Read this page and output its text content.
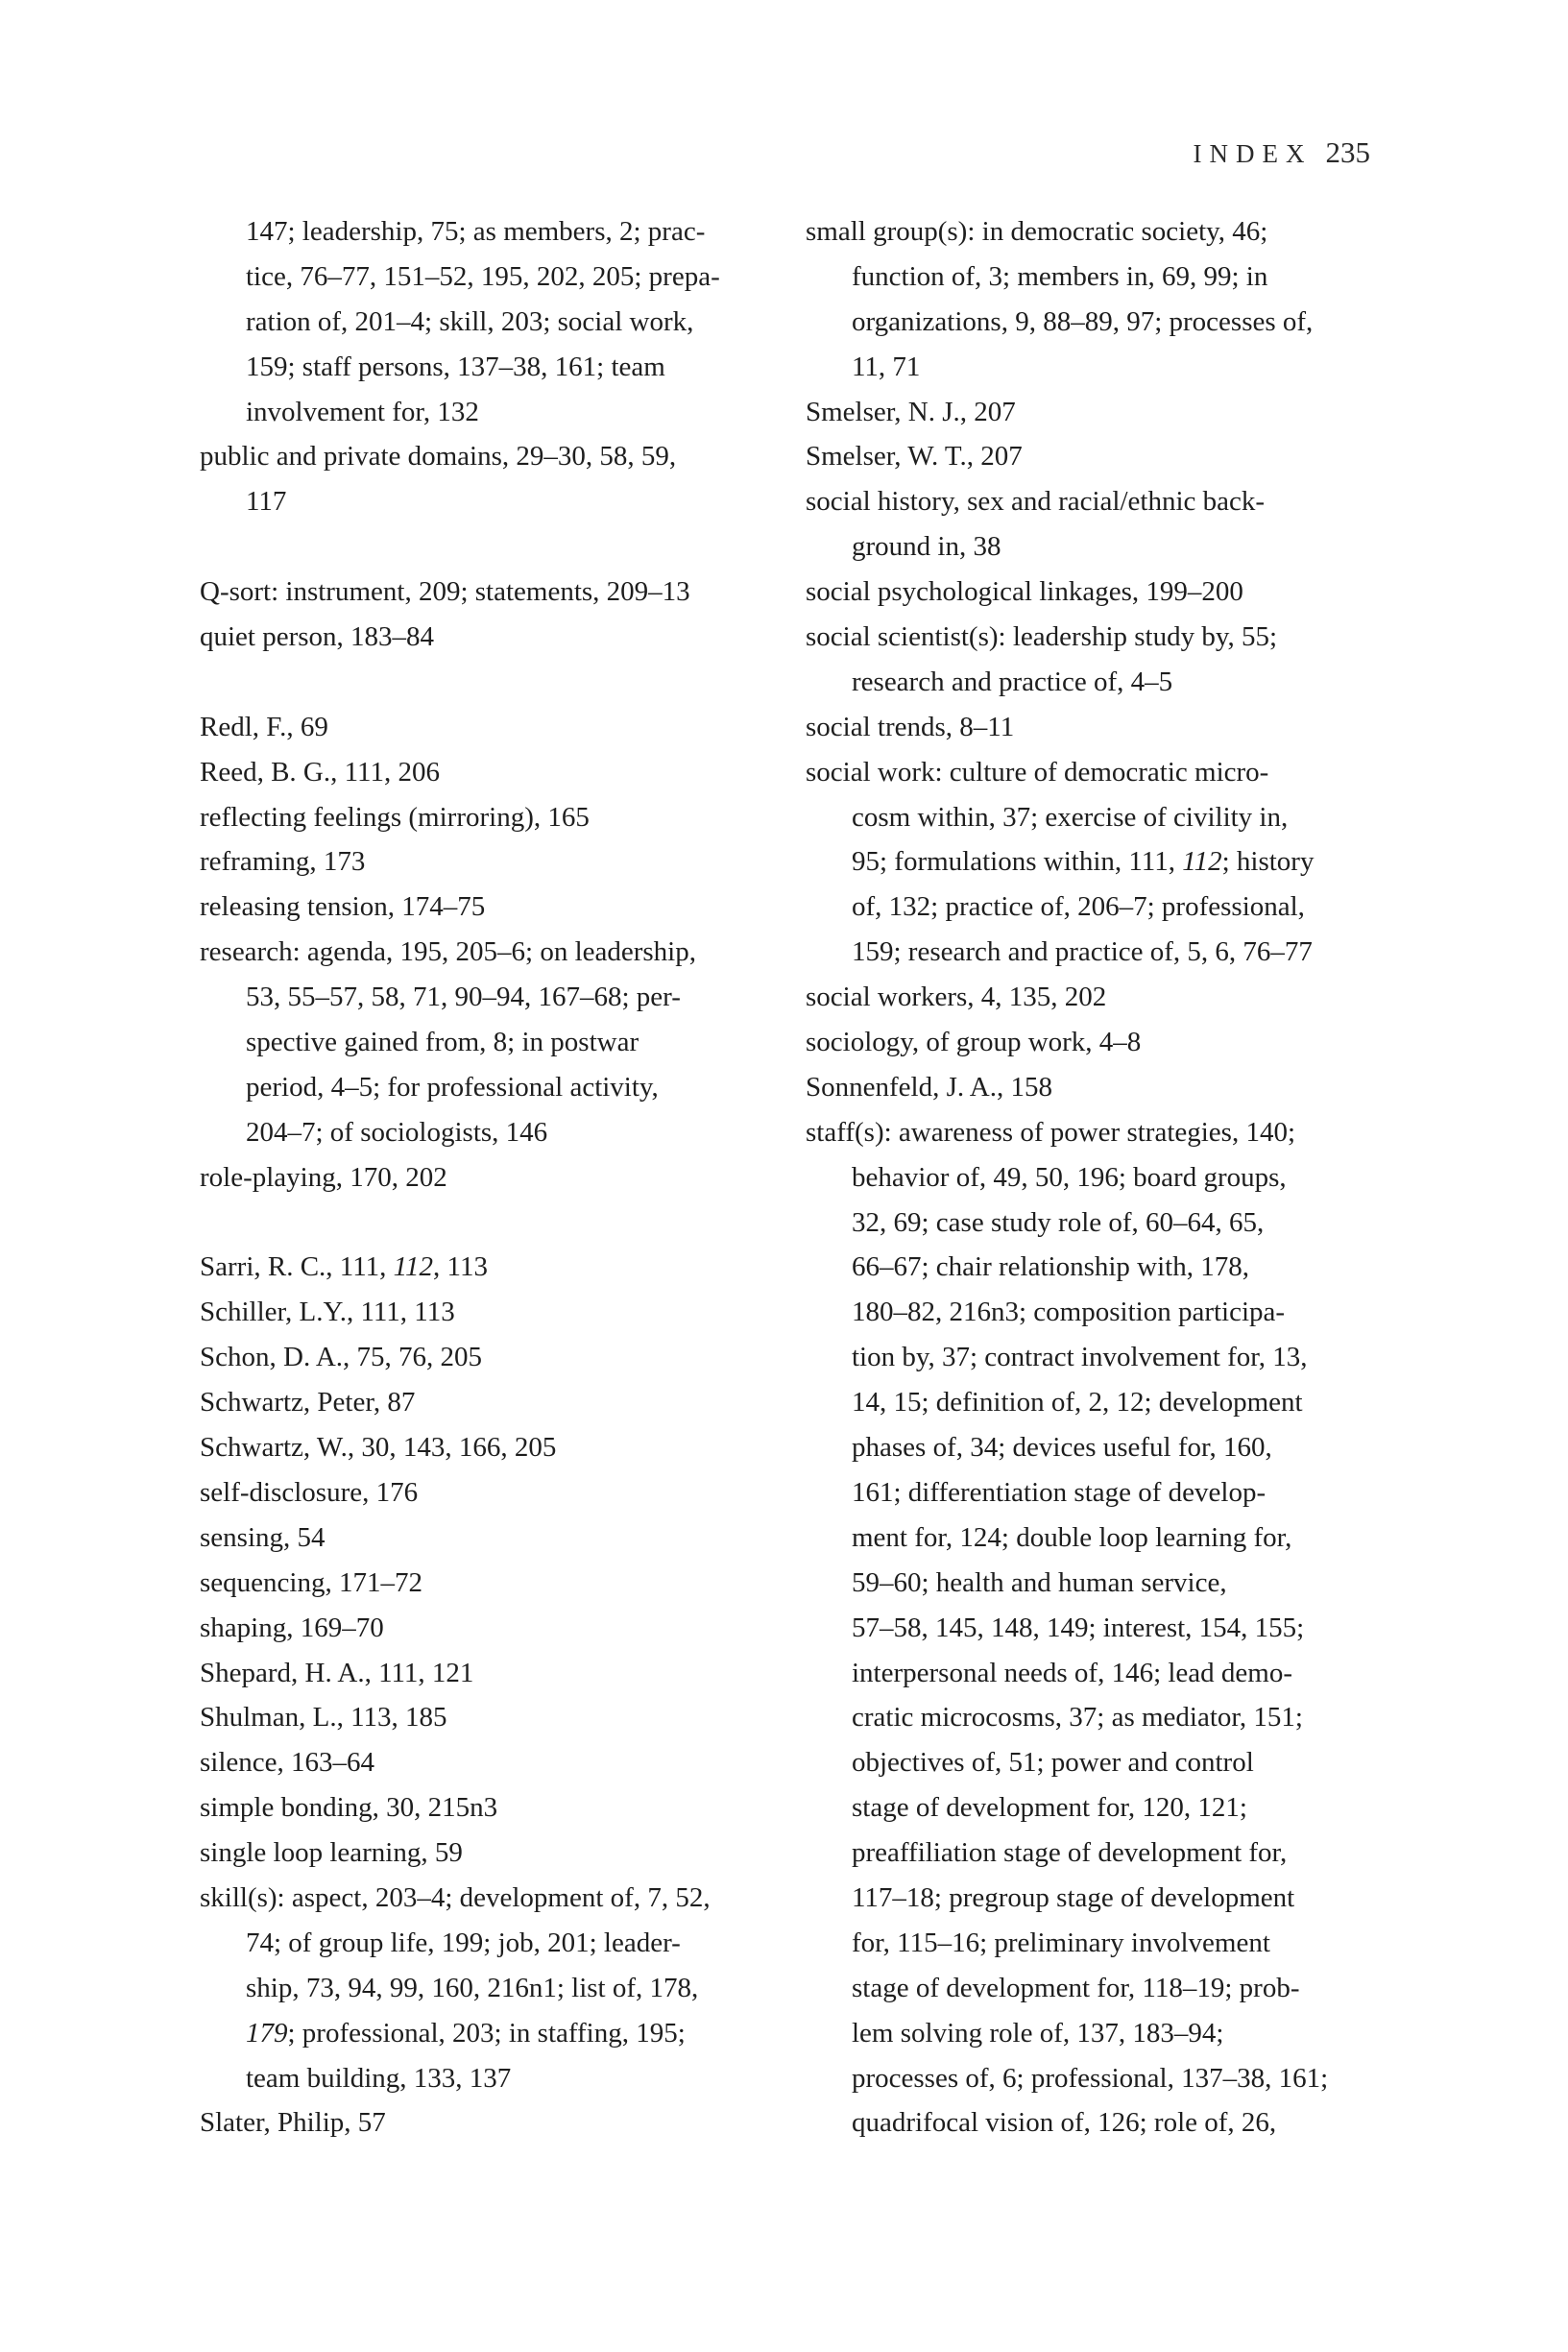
INDEX 235
147; leadership, 75; as members, 2; prac-
tice, 76–77, 151–52, 195, 202, 205; prepa-
ration of, 201–4; skill, 203; social work,
159; staff persons, 137–38, 161; team
involvement for, 132
public and private domains, 29–30, 58, 59,
117
Q-sort: instrument, 209; statements, 209–13
quiet person, 183–84
Redl, F., 69
Reed, B. G., 111, 206
reflecting feelings (mirroring), 165
reframing, 173
releasing tension, 174–75
research: agenda, 195, 205–6; on leadership,
53, 55–57, 58, 71, 90–94, 167–68; per-
spective gained from, 8; in postwar
period, 4–5; for professional activity,
204–7; of sociologists, 146
role-playing, 170, 202
Sarri, R. C., 111, 112, 113
Schiller, L.Y., 111, 113
Schon, D. A., 75, 76, 205
Schwartz, Peter, 87
Schwartz, W., 30, 143, 166, 205
self-disclosure, 176
sensing, 54
sequencing, 171–72
shaping, 169–70
Shepard, H. A., 111, 121
Shulman, L., 113, 185
silence, 163–64
simple bonding, 30, 215n3
single loop learning, 59
skill(s): aspect, 203–4; development of, 7, 52,
74; of group life, 199; job, 201; leader-
ship, 73, 94, 99, 160, 216n1; list of, 178,
179; professional, 203; in staffing, 195;
team building, 133, 137
Slater, Philip, 57
small group(s): in democratic society, 46;
function of, 3; members in, 69, 99; in
organizations, 9, 88–89, 97; processes of,
11, 71
Smelser, N. J., 207
Smelser, W. T., 207
social history, sex and racial/ethnic back-
ground in, 38
social psychological linkages, 199–200
social scientist(s): leadership study by, 55;
research and practice of, 4–5
social trends, 8–11
social work: culture of democratic micro-
cosm within, 37; exercise of civility in,
95; formulations within, 111, 112; history
of, 132; practice of, 206–7; professional,
159; research and practice of, 5, 6, 76–77
social workers, 4, 135, 202
sociology, of group work, 4–8
Sonnenfeld, J. A., 158
staff(s): awareness of power strategies, 140;
behavior of, 49, 50, 196; board groups,
32, 69; case study role of, 60–64, 65,
66–67; chair relationship with, 178,
180–82, 216n3; composition participa-
tion by, 37; contract involvement for, 13,
14, 15; definition of, 2, 12; development
phases of, 34; devices useful for, 160,
161; differentiation stage of develop-
ment for, 124; double loop learning for,
59–60; health and human service,
57–58, 145, 148, 149; interest, 154, 155;
interpersonal needs of, 146; lead demo-
cratic microcosms, 37; as mediator, 151;
objectives of, 51; power and control
stage of development for, 120, 121;
preaffiliation stage of development for,
117–18; pregroup stage of development
for, 115–16; preliminary involvement
stage of development for, 118–19; prob-
lem solving role of, 137, 183–94;
processes of, 6; professional, 137–38, 161;
quadrifocal vision of, 126; role of, 26,
